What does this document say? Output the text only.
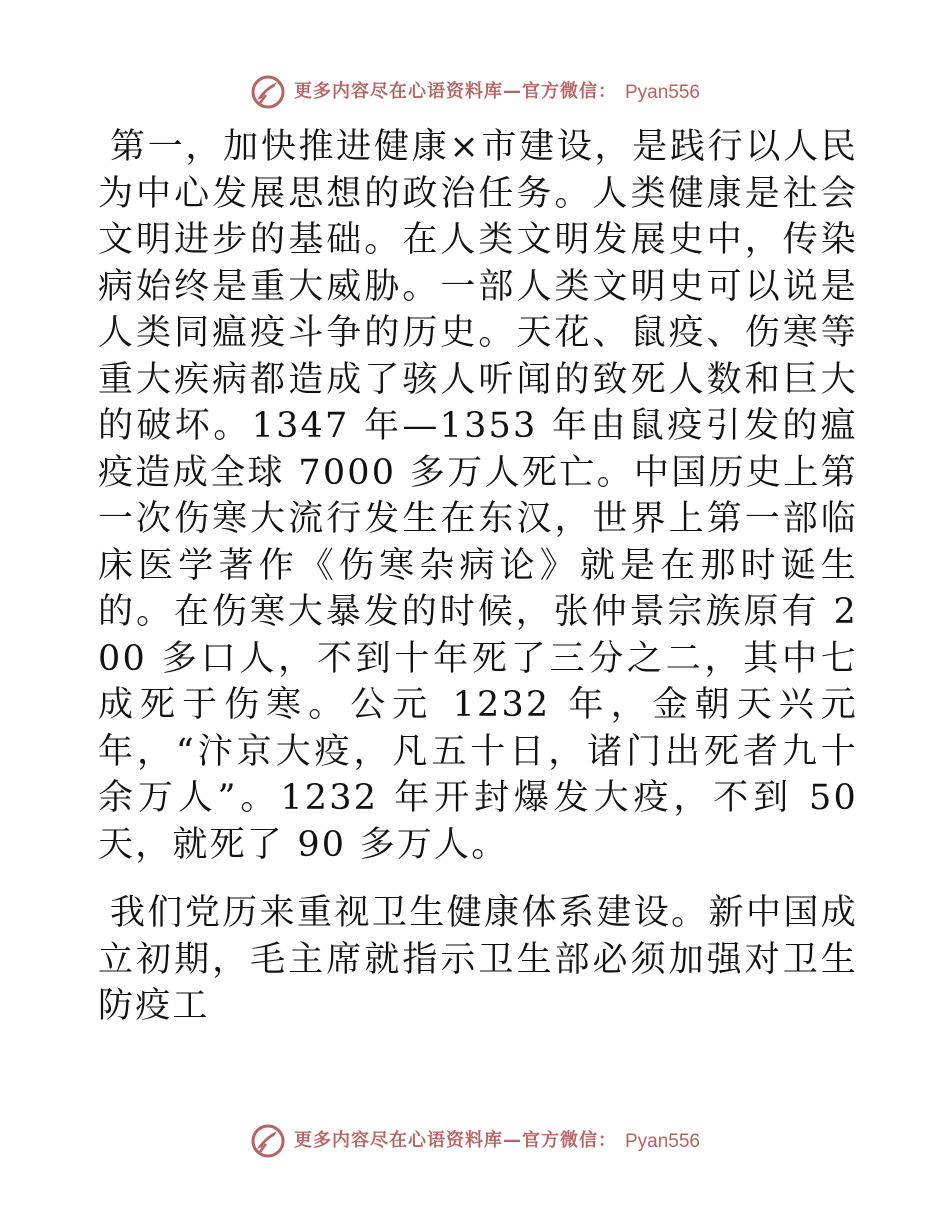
更多内容尽在心语资料库—官方微信： Pyan556

第一，加快推进健康×市建设，是践行以人民为中心发展思想的政治任务。人类健康是社会文明进步的基础。在人类文明发展史中，传染病始终是重大威胁。一部人类文明史可以说是人类同瘟疫斗争的历史。天花、鼠疫、伤寒等重大疾病都造成了骇人听闻的致死人数和巨大的破坏。1347 年—1353 年由鼠疫引发的瘟疫造成全球 7000 多万人死亡。中国历史上第一次伤寒大流行发生在东汉，世界上第一部临床医学著作《伤寒杂病论》就是在那时诞生的。在伤寒大暴发的时候，张仲景宗族原有 200 多口人，不到十年死了三分之二，其中七成死于伤寒。公元 1232 年，金朝天兴元年，“汴京大疫，凡五十日，诸门出死者九十余万人”。1232 年开封爆发大疫，不到 50 天，就死了 90 多万人。

我们党历来重视卫生健康体系建设。新中国成立初期，毛主席就指示卫生部必须加强对卫生防疫工

更多内容尽在心语资料库—官方微信： Pyan556
